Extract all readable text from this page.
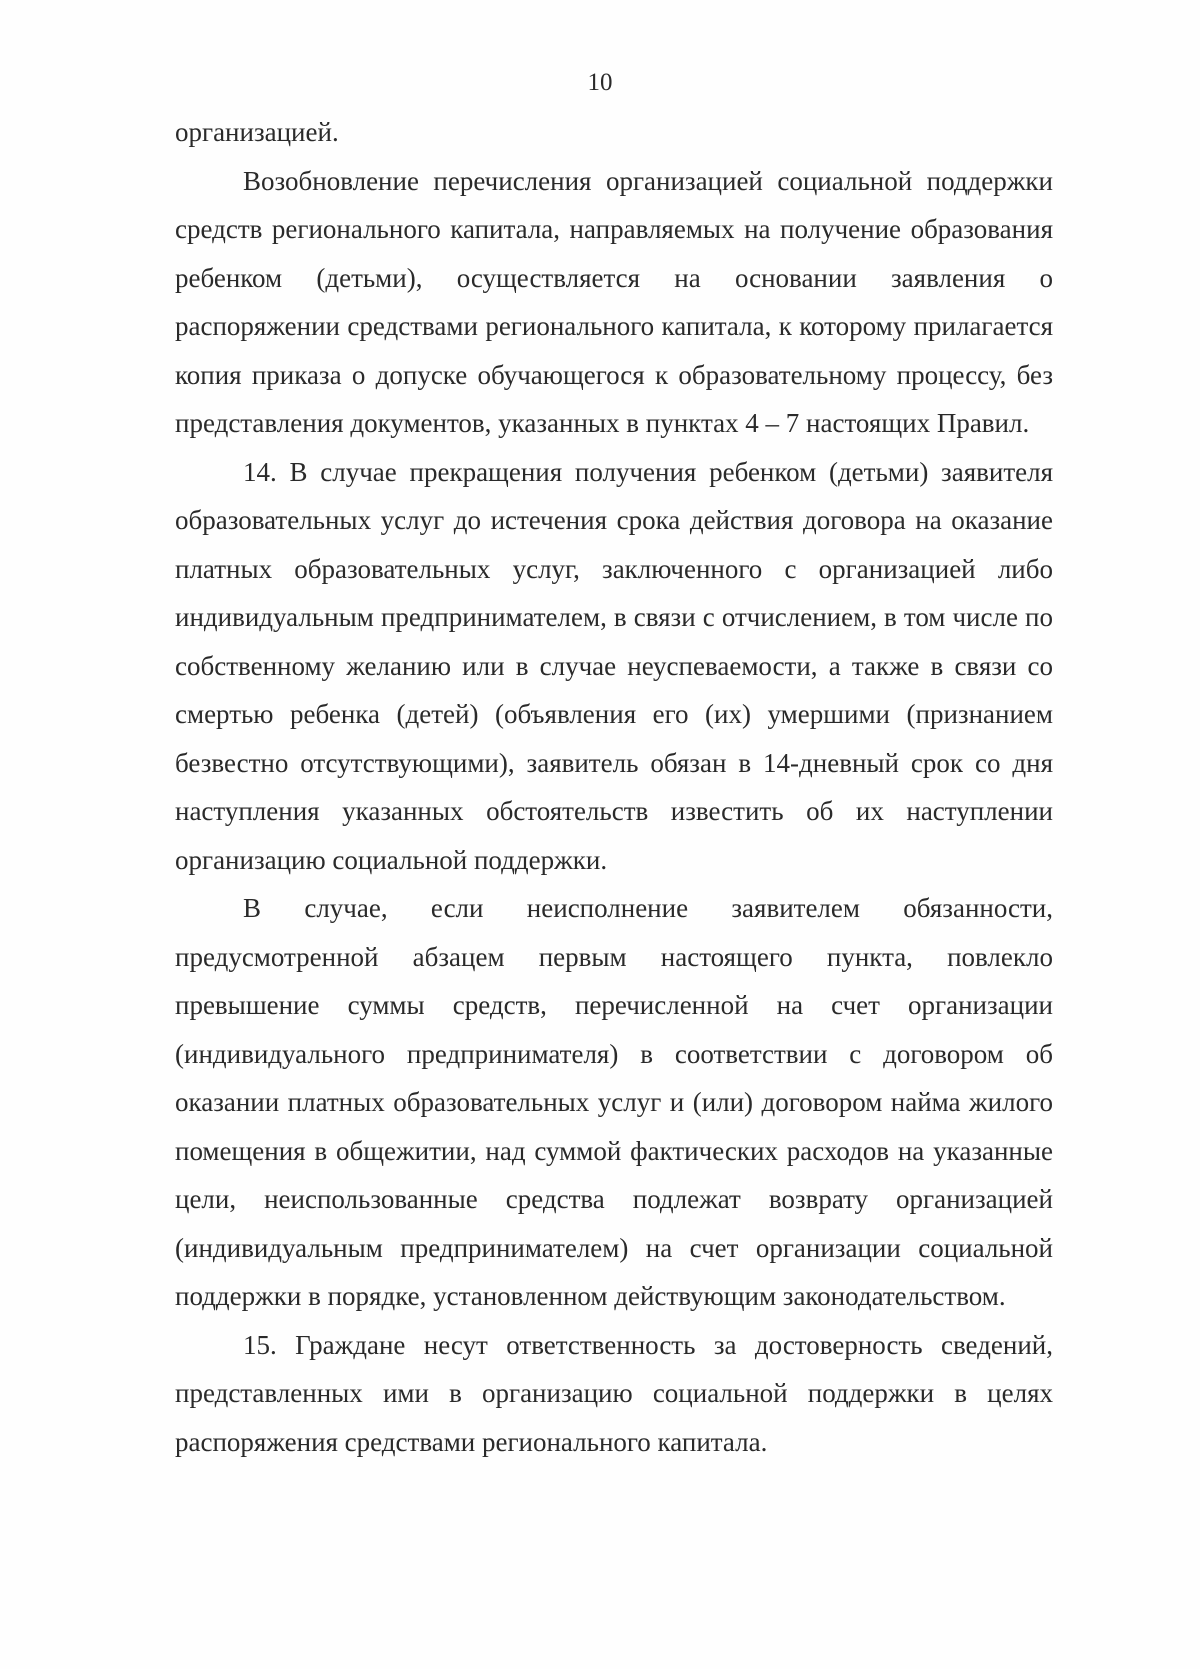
10

организацией.

Возобновление перечисления организацией социальной поддержки средств регионального капитала, направляемых на получение образования ребенком (детьми), осуществляется на основании заявления о распоряжении средствами регионального капитала, к которому прилагается копия приказа о допуске обучающегося к образовательному процессу, без представления документов, указанных в пунктах 4 – 7 настоящих Правил.

14. В случае прекращения получения ребенком (детьми) заявителя образовательных услуг до истечения срока действия договора на оказание платных образовательных услуг, заключенного с организацией либо индивидуальным предпринимателем, в связи с отчислением, в том числе по собственному желанию или в случае неуспеваемости, а также в связи со смертью ребенка (детей) (объявления его (их) умершими (признанием безвестно отсутствующими), заявитель обязан в 14-дневный срок со дня наступления указанных обстоятельств известить об их наступлении организацию социальной поддержки.

В случае, если неисполнение заявителем обязанности, предусмотренной абзацем первым настоящего пункта, повлекло превышение суммы средств, перечисленной на счет организации (индивидуального предпринимателя) в соответствии с договором об оказании платных образовательных услуг и (или) договором найма жилого помещения в общежитии, над суммой фактических расходов на указанные цели, неиспользованные средства подлежат возврату организацией (индивидуальным предпринимателем) на счет организации социальной поддержки в порядке, установленном действующим законодательством.

15. Граждане несут ответственность за достоверность сведений, представленных ими в организацию социальной поддержки в целях распоряжения средствами регионального капитала.
